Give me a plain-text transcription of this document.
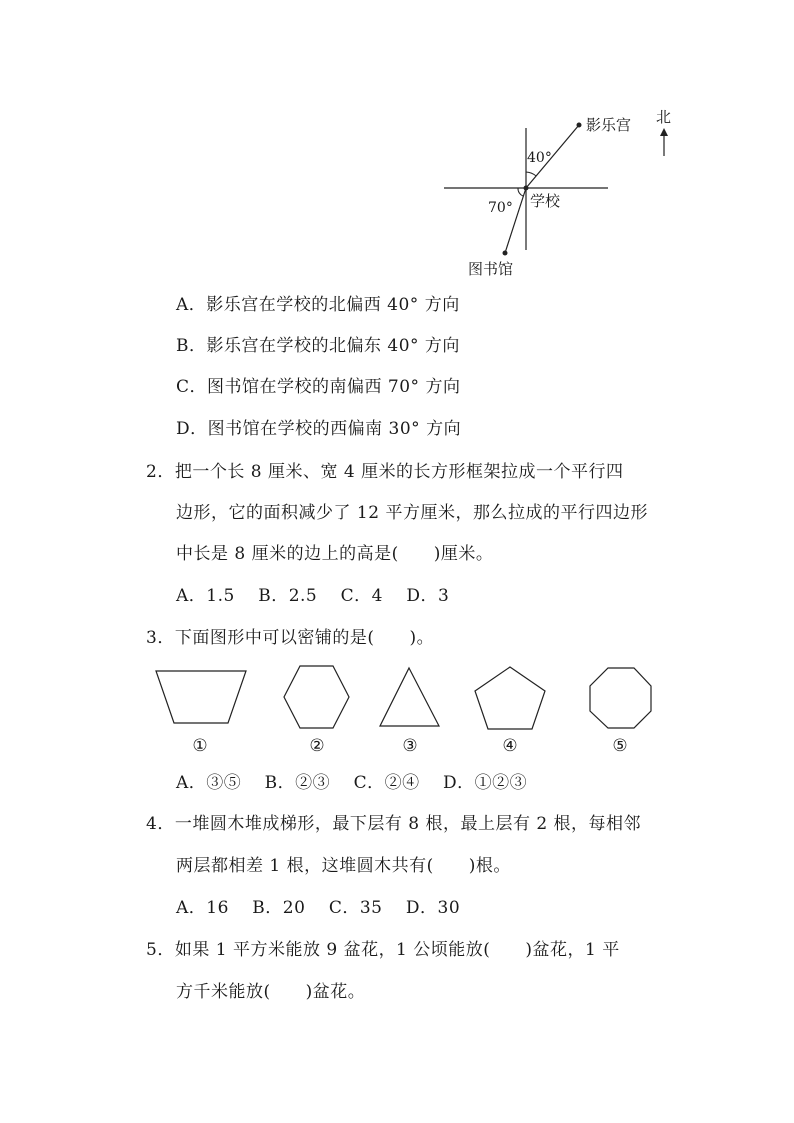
影乐宫
学校
图书馆
40°
70°
北
A．影乐宫在学校的北偏西 40° 方向
B．影乐宫在学校的北偏东 40° 方向
C．图书馆在学校的南偏西 70° 方向
D．图书馆在学校的西偏南 30° 方向
2．把一个长 8 厘米、宽 4 厘米的长方形框架拉成一个平行四
边形，它的面积减少了 12 平方厘米，那么拉成的平行四边形
中长是 8 厘米的边上的高是(　　)厘米。
A．1.5　 B．2.5　 C．4　 D．3
3．下面图形中可以密铺的是(　　)。
①	②	③	④	⑤
A．③⑤　 B．②③　 C．②④　 D．①②③
4．一堆圆木堆成梯形，最下层有 8 根，最上层有 2 根，每相邻
两层都相差 1 根，这堆圆木共有(　　)根。
A．16　 B．20　 C．35　 D．30
5．如果 1 平方米能放 9 盆花，1 公顷能放(　　)盆花，1 平
方千米能放(　　)盆花。
